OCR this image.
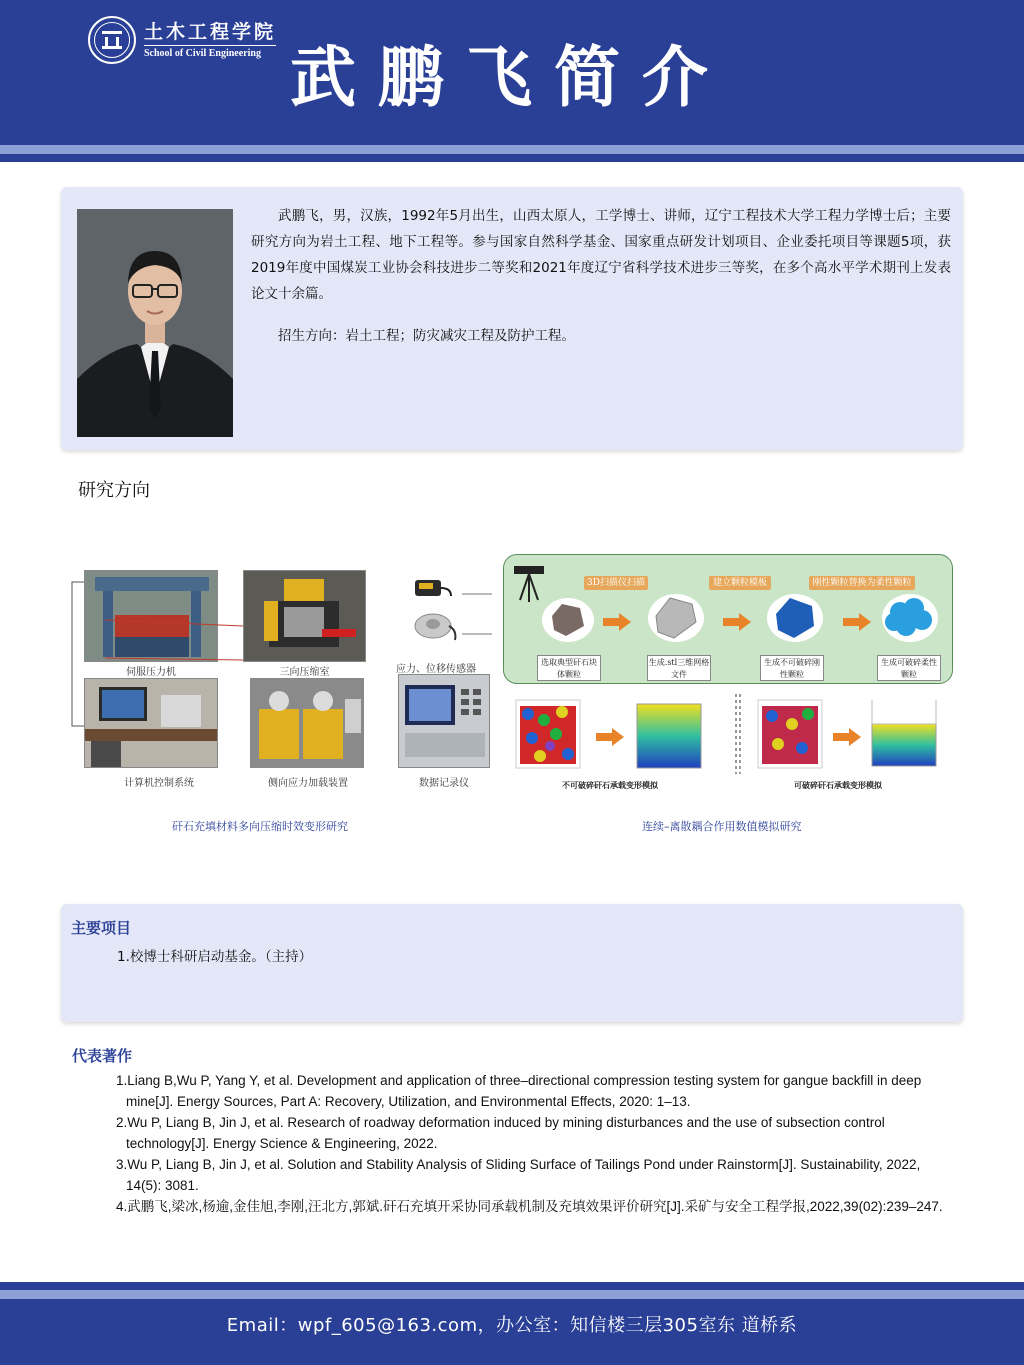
土木工程学院
School of Civil Engineering 武鹏飞简介
武鹏飞，男，汉族，1992年5月出生，山西太原人，工学博士、讲师，辽宁工程技术大学工程力学博士后；主要研究方向为岩土工程、地下工程等。参与国家自然科学基金、国家重点研发计划项目、企业委托项目等课题5项，获2019年度中国煤炭工业协会科技进步二等奖和2021年度辽宁省科学技术进步三等奖，在多个高水平学术期刊上发表论文十余篇。
招生方向：岩土工程；防灾减灾工程及防护工程。
研究方向
伺服压力机	三向压缩室	应力、位移传感器
计算机控制系统	侧向应力加载装置	数据记录仪
3D扫描仪扫描	建立颗粒模板	刚性颗粒替换为柔性颗粒
选取典型矸石块体颗粒
生成.stl三维网格文件
生成不可破碎刚性颗粒
生成可破碎柔性颗粒
不可破碎矸石承载变形模拟	可破碎矸石承载变形模拟
矸石充填材料多向压缩时效变形研究	连续–离散耦合作用数值模拟研究
主要项目
1.校博士科研启动基金。（主持）
代表著作
1.Liang B,Wu P, Yang Y, et al. Development and application of three–directional compression testing system for gangue backfill in deep mine[J]. Energy Sources, Part A: Recovery, Utilization, and Environmental Effects, 2020: 1–13.
2.Wu P, Liang B, Jin J, et al. Research of roadway deformation induced by mining disturbances and the use of subsection control technology[J]. Energy Science & Engineering, 2022.
3.Wu P, Liang B, Jin J, et al. Solution and Stability Analysis of Sliding Surface of Tailings Pond under Rainstorm[J]. Sustainability, 2022, 14(5): 3081.
4.武鹏飞,梁冰,杨逾,金佳旭,李刚,汪北方,郭斌.矸石充填开采协同承载机制及充填效果评价研究[J].采矿与安全工程学报,2022,39(02):239–247.
Email：wpf_605@163.com，办公室：知信楼三层305室东 道桥系
